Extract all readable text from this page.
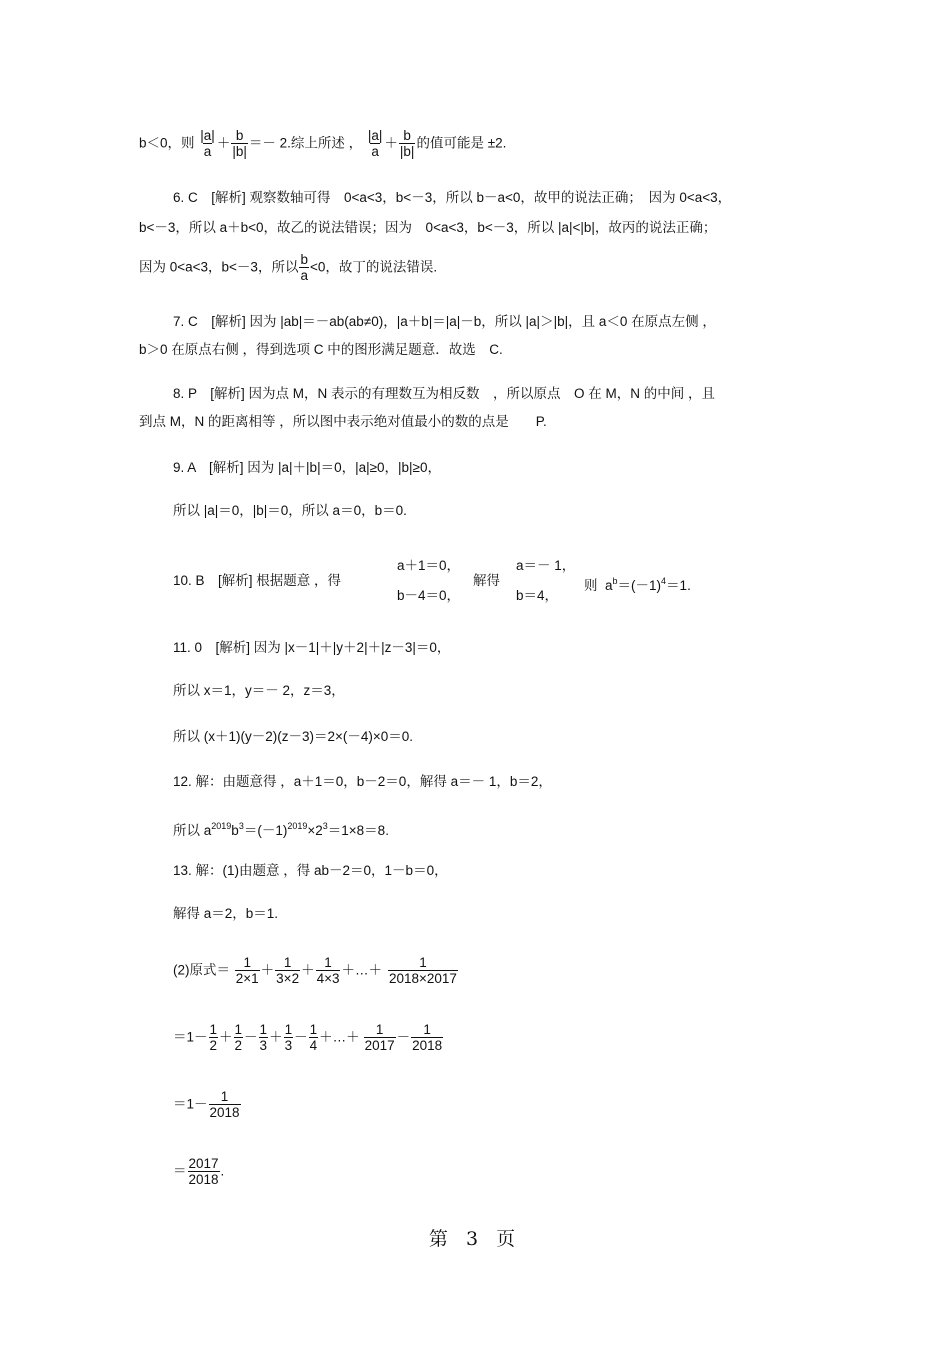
b＜0，则 $\frac{|a|}{a} + \frac{b}{|b|} =- 2$.综上所述 ， $\frac{|a|}{a} + \frac{b}{|b|}$ 的值可能是 ±2.
6. C　[解析] 观察数轴可得　0<a<3，b<－3，所以 b－a<0，故甲的说法正确；　因为 0<a<3，
b<－3，所以 a＋b<0，故乙的说法错误；因为　0<a<3，b<－3，所以 |a|<|b|，故丙的说法正确；
因为 0<a<3，b<－3，所以 $\frac{b}{a} <0$，故丁的说法错误.
7. C　[解析] 因为 |ab|＝－ab(ab≠0)，|a＋b|＝|a|－b，所以 |a|＞|b|，且 a＜0 在原点左侧 ，
b＞0 在原点右侧 ，得到选项 C 中的图形满足题意．故选　C.
8. P　[解析] 因为点 M，N 表示的有理数互为相反数　，所以原点　O 在 M，N 的中间 ，且
到点 M，N 的距离相等 ，所以图中表示绝对值最小的数的点是　　P.
9. A　[解析] 因为 |a|＋|b|＝0，|a|≥0，|b|≥0，
所以 |a|＝0，|b|＝0，所以 a＝0，b＝0.
10. B　[解析] 根据题意 ，得
a＋1＝0，
b－4＝0，
解得
a＝－ 1，
b＝4，
则 $a^b=(-1)^4=1$.
11. 0　[解析] 因为 |x－1|＋|y＋2|＋|z－3|＝0，
所以 x＝1，y＝－ 2，z＝3，
所以 (x＋1)(y－2)(z－3)＝2×(－4)×0＝0.
12. 解：由题意得 ，a＋1＝0，b－2＝0，解得 a＝－ 1，b＝2，
所以 $a^{2019}b^3=(-1)^{2019}\times 2^3=1\times 8=8$.
13. 解：(1)由题意 ，得 ab－2＝0，1－b＝0，
解得 a＝2，b＝1.
(2)原式＝ $\frac{1}{2\times 1} + \frac{1}{3\times 2} + \frac{1}{4\times 3}$ ＋…＋ $\frac{1}{2018\times 2017}$
$=1- \frac{1}{2} + \frac{1}{2} - \frac{1}{3} + \frac{1}{3} - \frac{1}{4}$ ＋…＋ $\frac{1}{2017} - \frac{1}{2018}$
$=1- \frac{1}{2018}$
＝ $\frac{2017}{2018}$ .
第 3 页
